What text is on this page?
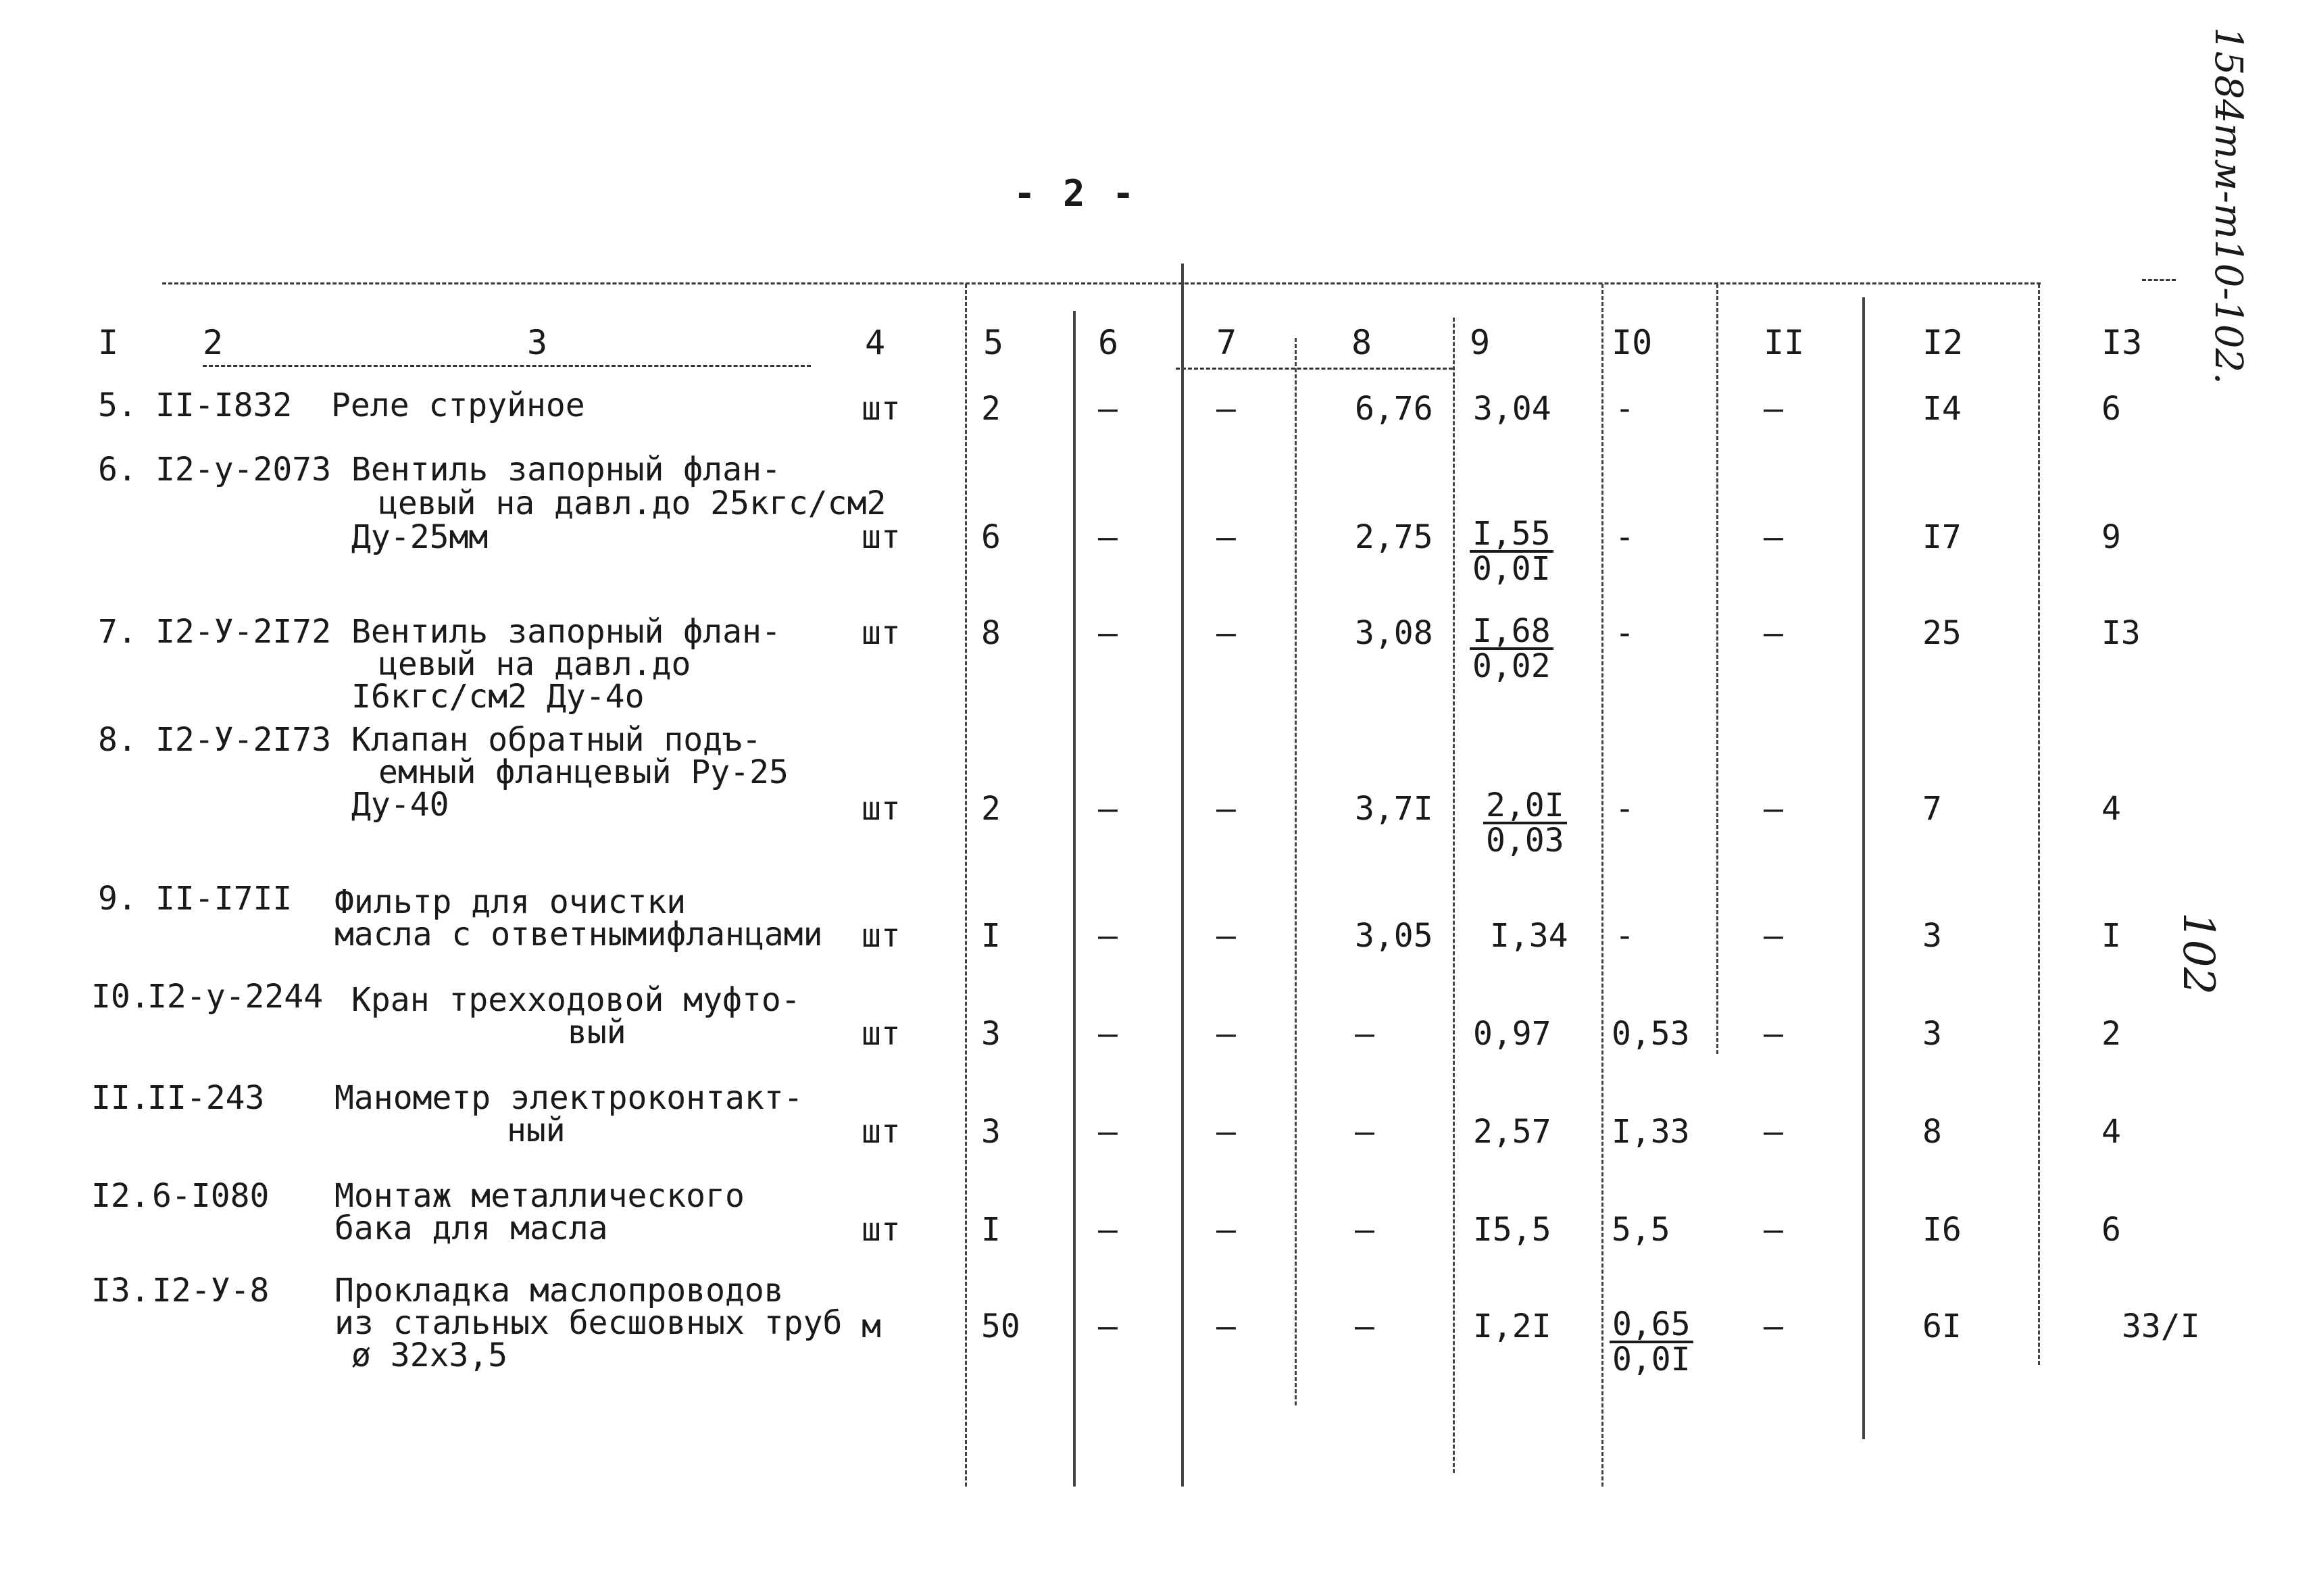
- 2 -	1584тм-т10-102.
102
I 2	3	4	5	6	7	8	9	I0	II	I2	I3
5. II-I832 Реле струйное	шт 2	–	–	6,76 3,04 -	–	I4	6
6. I2-у-2073 Вентиль запорный флан-
цевый на давл.до 25кгс/см2
Ду-25мм	шт 6	–	–	$2,75 \frac{I,55}{0,0I}$ -	–	I7	9
7. I2-У-2I72 Вентиль запорный флан-
цевый на давл.до
I6кгс/см2 Ду-4о
шт 8	–	–	$3,08 \frac{I,68}{0,02}$ -	–	25	I3
8. I2-У-2I73 Клапан обратный подъ-
емный фланцевый Ру-25
Ду-40	шт 2	–	–	$3,7I \frac{2,0I}{0,03}$ -	–	7	4
9. II-I7II Фильтр для очистки
масла с ответнымифланцами шт I	–	–	3,05 I,34 -	–	3	I
I0.
I2-у-2244 Кран трехходовой муфто-
вый	шт 3	–	–	–	0,97 0,53 –	3	2
II.
II-243 Манометр электроконтакт-
ный	шт 3	–	–	–	2,57 I,33 –	8	4
I2. 6-I080 Монтаж металлического
бака для масла	шт I	–	–	–	I5,5 5,5	–	I6	6
I3. I2-У-8 Прокладка маслопроводов
из стальных бесшовных труб
ø 32x3,5
м	50 –	–	–	$I,2I \frac{0,65}{0,0I}$ –	6I	33/I
